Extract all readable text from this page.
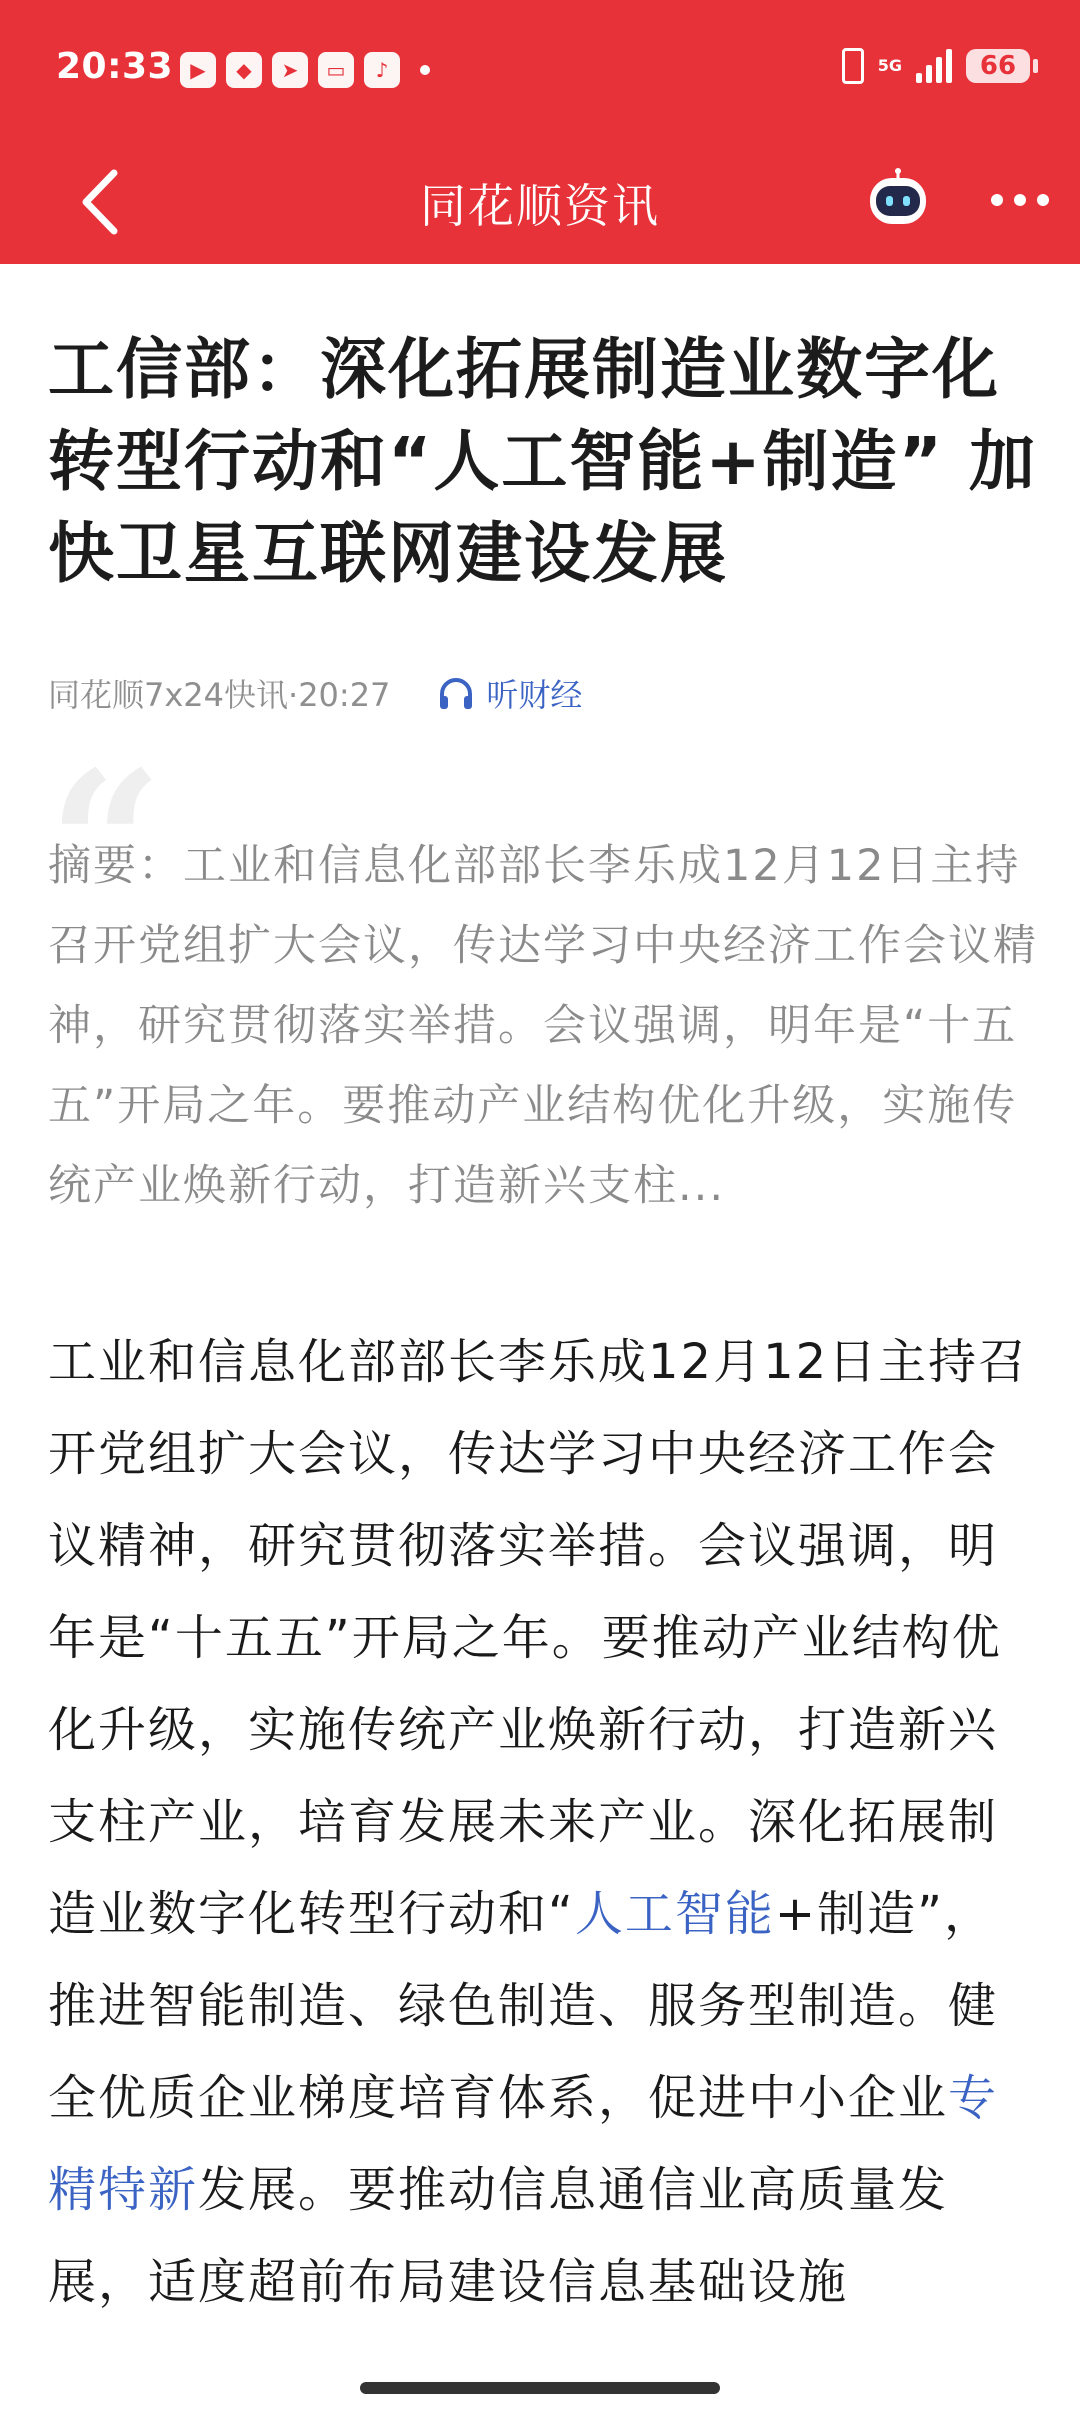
20:33 ▶	◆	➤	▭	♪	5G	66
同花顺资讯
工信部：深化拓展制造业数字化转型行动和“人工智能+制造” 加快卫星互联网建设发展
同花顺7x24快讯·20:27	听财经
“

摘要：工业和信息化部部长李乐成12月12日主持召开党组扩大会议，传达学习中央经济工作会议精神，研究贯彻落实举措。会议强调，明年是“十五五”开局之年。要推动产业结构优化升级，实施传统产业焕新行动，打造新兴支柱...

工业和信息化部部长李乐成12月12日主持召开党组扩大会议，传达学习中央经济工作会议精神，研究贯彻落实举措。会议强调，明年是“十五五”开局之年。要推动产业结构优化升级，实施传统产业焕新行动，打造新兴支柱产业，培育发展未来产业。深化拓展制造业数字化转型行动和“人工智能+制造”，推进智能制造、绿色制造、服务型制造。健全优质企业梯度培育体系，促进中小企业专精特新发展。要推动信息通信业高质量发展，适度超前布局建设信息基础设施
